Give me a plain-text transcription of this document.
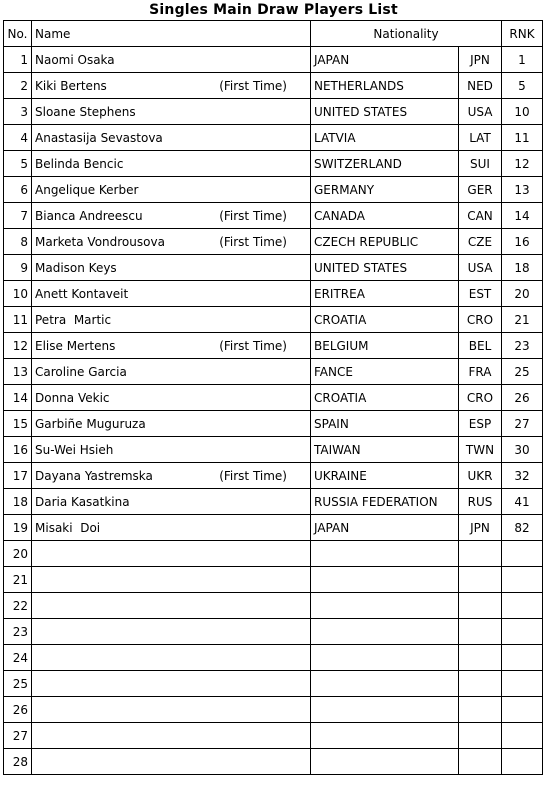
Singles Main Draw Players List
No.	Name	Nationality		RNK
1	Naomi Osaka	JAPAN	JPN	1
2	Kiki Bertens (First Time)	NETHERLANDS	NED	5
3	Sloane Stephens	UNITED STATES	USA	10
4	Anastasija Sevastova	LATVIA	LAT	11
5	Belinda Bencic	SWITZERLAND	SUI	12
6	Angelique Kerber	GERMANY	GER	13
7	Bianca Andreescu (First Time)	CANADA	CAN	14
8	Marketa Vondrousova (First Time)	CZECH REPUBLIC	CZE	16
9	Madison Keys	UNITED STATES	USA	18
10	Anett Kontaveit	ERITREA	EST	20
11	Petra  Martic	CROATIA	CRO	21
12	Elise Mertens (First Time)	BELGIUM	BEL	23
13	Caroline Garcia	FANCE	FRA	25
14	Donna Vekic	CROATIA	CRO	26
15	Garbiñe Muguruza	SPAIN	ESP	27
16	Su-Wei Hsieh	TAIWAN	TWN	30
17	Dayana Yastremska (First Time)	UKRAINE	UKR	32
18	Daria Kasatkina	RUSSIA FEDERATION	RUS	41
19	Misaki  Doi	JAPAN	JPN	82
20	

21	

22	

23	

24	

25	

26	

27	

28	
